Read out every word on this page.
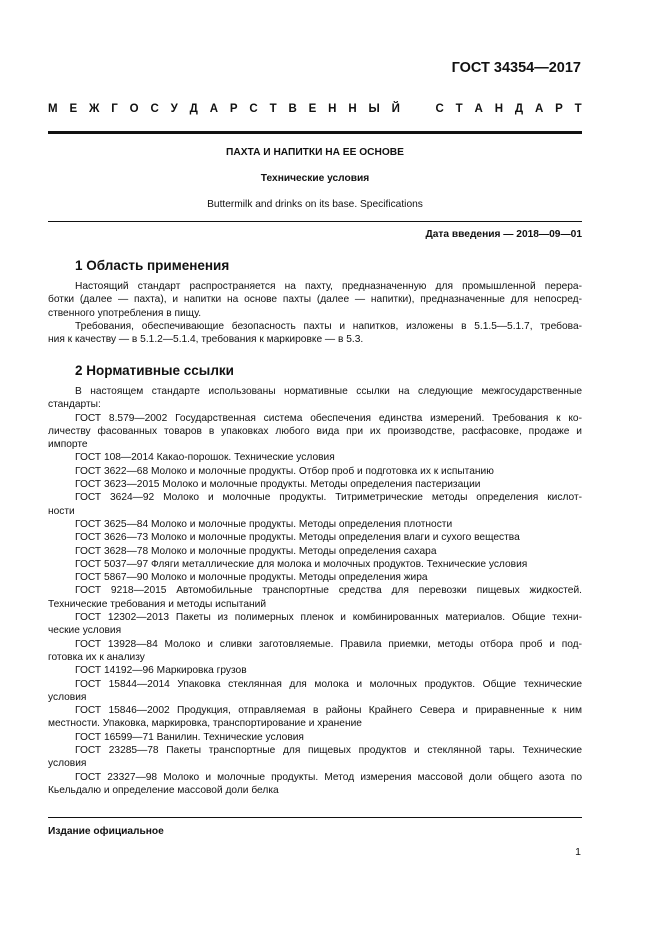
ГОСТ 34354—2017
М Е Ж Г О С У Д А Р С Т В Е Н Н Ы Й	С Т А Н Д А Р Т
ПАХТА И НАПИТКИ НА ЕЕ ОСНОВЕ
Технические условия
Buttermilk and drinks on its base. Specifications
Дата введения — 2018—09—01
1 Область применения
Настоящий стандарт распространяется на пахту, предназначенную для промышленной перера-
ботки (далее — пахта), и напитки на основе пахты (далее — напитки), предназначенные для непосред-
ственного употребления в пищу.
Требования, обеспечивающие безопасность пахты и напитков, изложены в 5.1.5—5.1.7, требова-
ния к качеству — в 5.1.2—5.1.4, требования к маркировке — в 5.3.
2 Нормативные ссылки
В настоящем стандарте использованы нормативные ссылки на следующие межгосударственные
стандарты:
ГОСТ 8.579—2002 Государственная система обеспечения единства измерений. Требования к ко-
личеству фасованных товаров в упаковках любого вида при их производстве, расфасовке, продаже и
импорте
ГОСТ 108—2014 Какао-порошок. Технические условия
ГОСТ 3622—68 Молоко и молочные продукты. Отбор проб и подготовка их к испытанию
ГОСТ 3623—2015 Молоко и молочные продукты. Методы определения пастеризации
ГОСТ 3624—92 Молоко и молочные продукты. Титриметрические методы определения кислот-
ности
ГОСТ 3625—84 Молоко и молочные продукты. Методы определения плотности
ГОСТ 3626—73 Молоко и молочные продукты. Методы определения влаги и сухого вещества
ГОСТ 3628—78 Молоко и молочные продукты. Методы определения сахара
ГОСТ 5037—97 Фляги металлические для молока и молочных продуктов. Технические условия
ГОСТ 5867—90 Молоко и молочные продукты. Методы определения жира
ГОСТ 9218—2015 Автомобильные транспортные средства для перевозки пищевых жидкостей.
Технические требования и методы испытаний
ГОСТ 12302—2013 Пакеты из полимерных пленок и комбинированных материалов. Общие техни-
ческие условия
ГОСТ 13928—84 Молоко и сливки заготовляемые. Правила приемки, методы отбора проб и под-
готовка их к анализу
ГОСТ 14192—96 Маркировка грузов
ГОСТ 15844—2014 Упаковка стеклянная для молока и молочных продуктов. Общие технические
условия
ГОСТ 15846—2002 Продукция, отправляемая в районы Крайнего Севера и приравненные к ним
местности. Упаковка, маркировка, транспортирование и хранение
ГОСТ 16599—71 Ванилин. Технические условия
ГОСТ 23285—78 Пакеты транспортные для пищевых продуктов и стеклянной тары. Технические
условия
ГОСТ 23327—98 Молоко и молочные продукты. Метод измерения массовой доли общего азота по
Кьельдалю и определение массовой доли белка
Издание официальное
1
